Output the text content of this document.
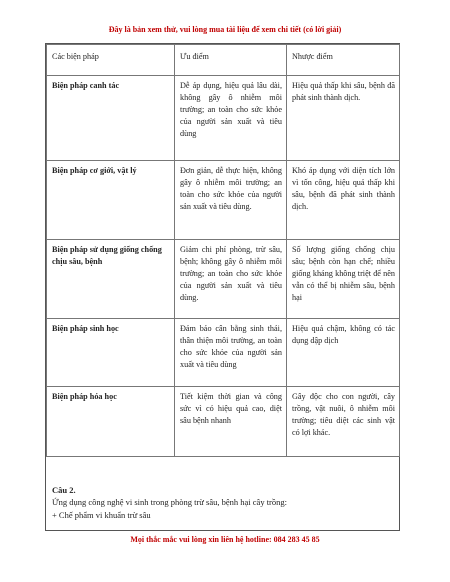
Đây là bản xem thử, vui lòng mua tài liệu để xem chi tiết (có lời giải)
Các biện pháp	Ưu điểm	Nhược điểm
Biện pháp canh tác	Dễ áp dụng, hiệu quả lâu dài, không gây ô nhiễm môi trường; an toàn cho sức khỏe của người sản xuất và tiêu dùng	Hiệu quả thấp khi sâu, bệnh đã phát sinh thành dịch.
Biện pháp cơ giới, vật lý	Đơn giản, dễ thực hiện, không gây ô nhiễm môi trường; an toàn cho sức khỏe của người sản xuất và tiêu dùng.	Khó áp dụng với diện tích lớn vì tốn công, hiệu quả thấp khi sâu, bệnh đã phát sinh thành dịch.
Biện pháp sử dụng giống chống chịu sâu, bệnh	Giảm chi phí phòng, trừ sâu, bệnh; không gây ô nhiễm môi trường; an toàn cho sức khỏe của người sản xuất và tiêu dùng.	Số lượng giống chống chịu sâu; bệnh còn hạn chế; nhiều giống kháng không triệt để nên vẫn có thể bị nhiễm sâu, bệnh hại
Biện pháp sinh học	Đảm bảo cân bằng sinh thái, thân thiện môi trường, an toàn cho sức khỏe của người sản xuất và tiêu dùng	Hiệu quả chậm, không có tác dụng dập dịch
Biện pháp hóa học	Tiết kiệm thời gian và công sức vì có hiệu quả cao, diệt sâu bệnh nhanh	Gây độc cho con người, cây trồng, vật nuôi, ô nhiễm môi trường; tiêu diệt các sinh vật có lợi khác.
Câu 2.
Ứng dụng công nghệ vi sinh trong phòng trừ sâu, bệnh hại cây trồng:
+ Chế phẩm vi khuẩn trừ sâu
Mọi thắc mắc vui lòng xin liên hệ hotline: 084 283 45 85
